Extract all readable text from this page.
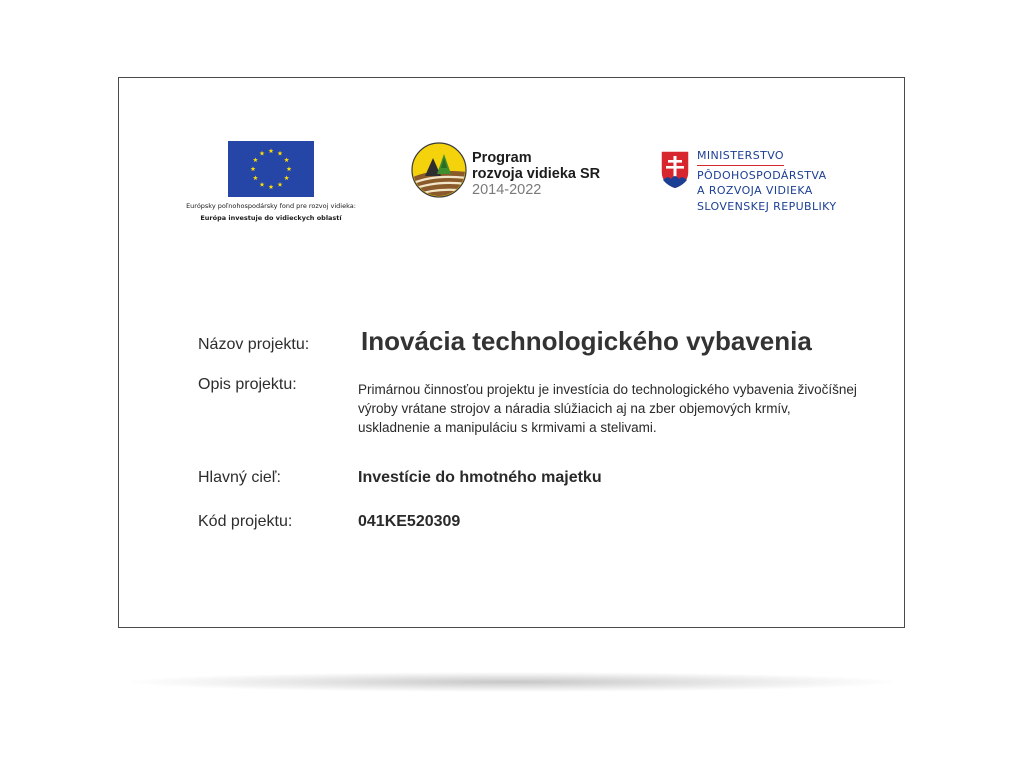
Európsky poľnohospodársky fond pre rozvoj vidieka:
Európa investuje do vidieckych oblastí
Program
rozvoja vidieka SR
2014-2022
MINISTERSTVO
PÔDOHOSPODÁRSTVA
A ROZVOJA VIDIEKA
SLOVENSKEJ REPUBLIKY
Názov projektu: Inovácia technologického vybavenia
Opis projektu:	Primárnou činnosťou projektu je investícia do technologického vybavenia živočíšnej výroby vrátane strojov a náradia slúžiacich aj na zber objemových krmív, uskladnenie a manipuláciu s krmivami a stelivami.
Hlavný cieľ:	Investície do hmotného majetku
Kód projektu:	041KE520309
